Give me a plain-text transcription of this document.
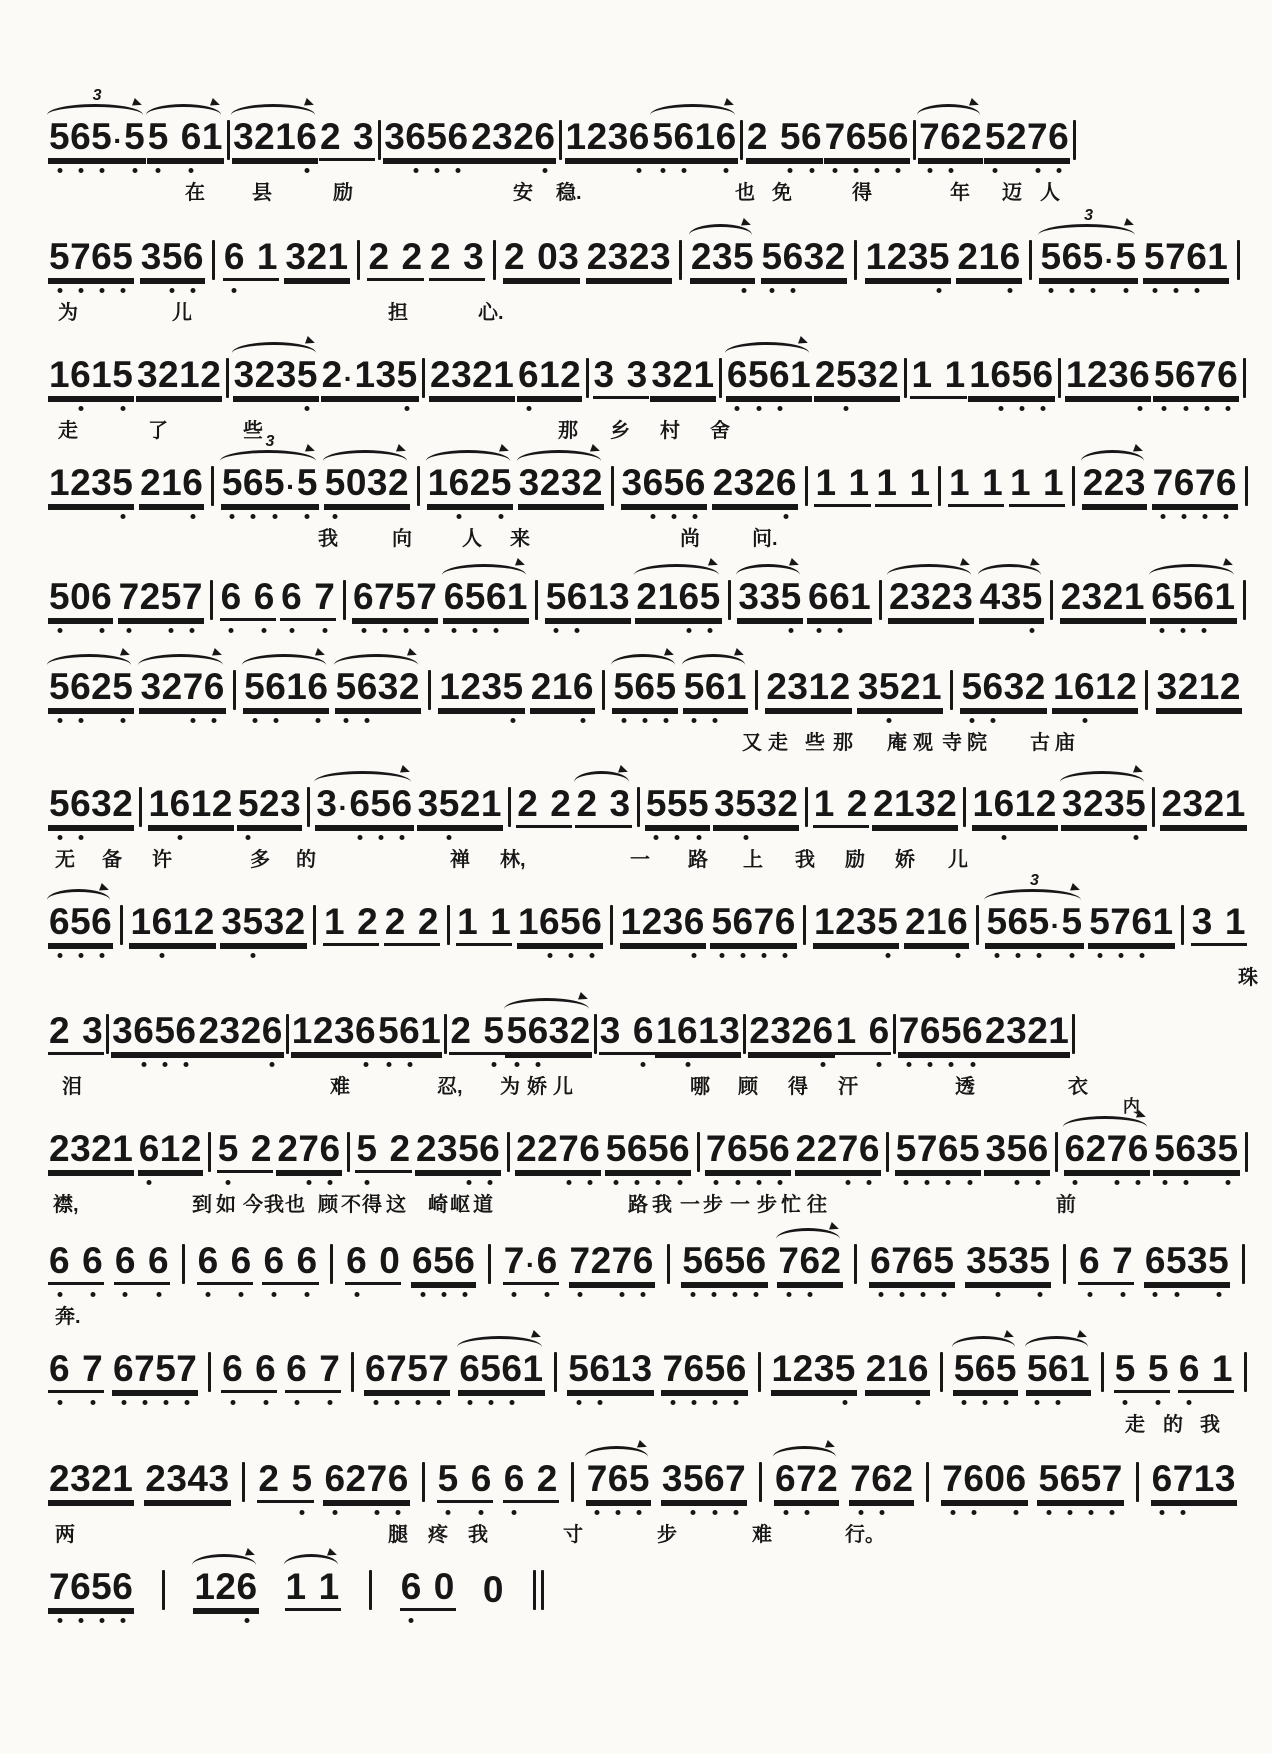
3
5 6 5 · 5 5
6 1 3 2 1 6 2
3 3 6 5 6 2 3 2 6 1 2 3 6 5 6 1 6 2
5 6 7 6 5 6 7 6 2 5 2 7 6
在 县	励	安 稳.	也 免	得	年 迈 人
5 7 6 5 3 5 6 6
1 3 2 1 2
2 2
3 2
0 3 2 3 2 3 2 3 5 5 6 3 2 1 2 3 5 2 1 6
3
5 6 5 · 5 5 7 6 1
为	儿	担	心.
1 6 1 5 3 2 1 2 3 2 3 5 2 · 1 3 5 2 3 2 1 6 1 2 3
3 3 2 1 6 5 6 1 2 5 3 2 1
1 1 6 5 6 1 2 3 6 5 6 7 6
走	了	些	那 乡 村 舍
1 2 3 5 2 1 6
3
5 6 5 · 5 5 0 3 2 1 6 2 5 3 2 3 2 3 6 5 6 2 3 2 6 1
1 1
1 1
1 1
1 2 2 3 7 6 7 6
我	向	人 来	尚	问.
5 0 6 7 2 5 7 6
6 6
7 6 7 5 7 6 5 6 1 5 6 1 3 2 1 6 5 3 3 5 6 6 1 2 3 2 3 4 3 5 2 3 2 1 6 5 6 1
5 6 2 5 3 2 7 6 5 6 1 6 5 6 3 2 1 2 3 5 2 1 6 5 6 5 5 6 1 2 3 1 2 3 5 2 1 5 6 3 2 1 6 1 2 3 2 1 2
又 走 些 那 庵 观 寺 院 古 庙
5 6 3 2 1 6 1 2 5 2 3 3 · 6 5 6 3 5 2 1 2
2 2
3 5 5 5 3 5 3 2 1
2 2 1 3 2 1 6 1 2 3 2 3 5 2 3 2 1
无 备 许	多 的	禅 林,	一 路 上 我 励 娇 儿
6 5 6 1 6 1 2 3 5 3 2 1
2 2
2 1
1 1 6 5 6 1 2 3 6 5 6 7 6 1 2 3 5 2 1 6
3
5 6 5 · 5 5 7 6 1 3
1
珠
2
3 3 6 5 6 2 3 2 6 1 2 3 6 5 6 1 2
5 5 6 3 2 3
6 1 6 1 3 2 3 2 6 1
6 7 6 5 6 2 3 2 1
泪	难	忍, 为 娇 儿	哪 顾 得 汗	透	衣
2 3 2 1 6 1 2 5
2 2 7 6 5
2 2 3 5 6 2 2 7 6 5 6 5 6 7 6 5 6 2 2 7 6 5 7 6 5 3 5 6
内
6 2 7 6 5 6 3 5
襟,	到 如 今 我 也 顾 不 得 这 崎 岖 道	路 我 一 步 一 步 忙 往	前
6
6 6
6 6
6 6
6 6
0 6 5 6 7 · 6 7 2 7 6 5 6 5 6 7 6 2 6 7 6 5 3 5 3 5 6
7 6 5 3 5
奔.
6
7 6 7 5 7 6
6 6
7 6 7 5 7 6 5 6 1 5 6 1 3 7 6 5 6 1 2 3 5 2 1 6 5 6 5 5 6 1 5
5 6
1
走 的 我
2 3 2 1 2 3 4 3 2
5 6 2 7 6 5
6 6
2 7 6 5 3 5 6 7 6 7 2 7 6 2 7 6 0 6 5 6 5 7 6 7 1 3
两	腿 疼 我	寸	步	难	行。
7 6 5 6 1 2 6 1
1 6
0 0
